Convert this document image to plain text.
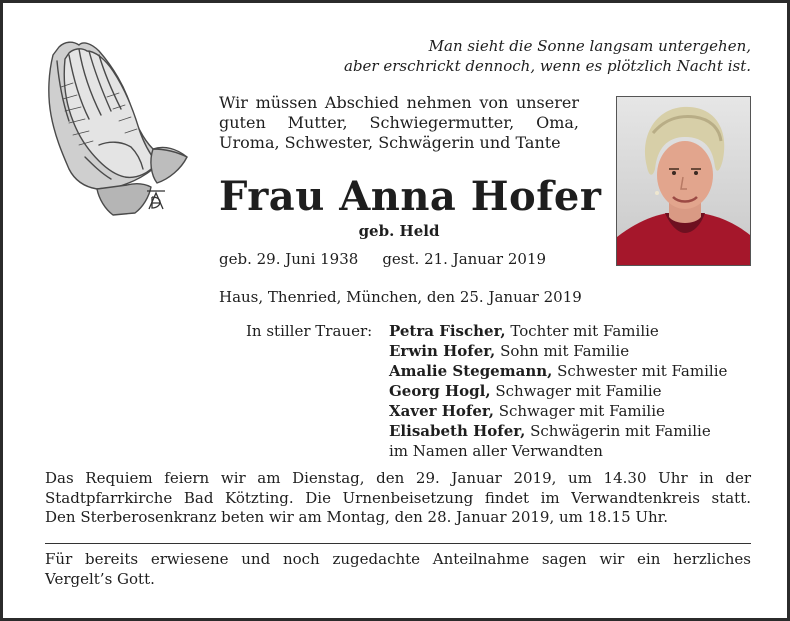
Man sieht die Sonne langsam untergehen,
aber erschrickt dennoch, wenn es plötzlich Nacht ist.
Wir müssen Abschied nehmen von unserer
guten Mutter, Schwiegermutter, Oma,
Uroma, Schwester, Schwägerin und Tante
Frau Anna Hofer
geb. Held
geb. 29. Juni 1938 gest. 21. Januar 2019
Haus, Thenried, München, den 25. Januar 2019
In stiller Trauer: Petra Fischer, Tochter mit Familie
Erwin Hofer, Sohn mit Familie
Amalie Stegemann, Schwester mit Familie
Georg Hogl, Schwager mit Familie
Xaver Hofer, Schwager mit Familie
Elisabeth Hofer, Schwägerin mit Familie
im Namen aller Verwandten
Das Requiem feiern wir am Dienstag, den 29. Januar 2019, um 14.30 Uhr in der
Stadtpfarrkirche Bad Kötzting. Die Urnenbeisetzung findet im Verwandtenkreis statt.
Den Sterberosenkranz beten wir am Montag, den 28. Januar 2019, um 18.15 Uhr.
Für bereits erwiesene und noch zugedachte Anteilnahme sagen wir ein herzliches
Vergelt’s Gott.
